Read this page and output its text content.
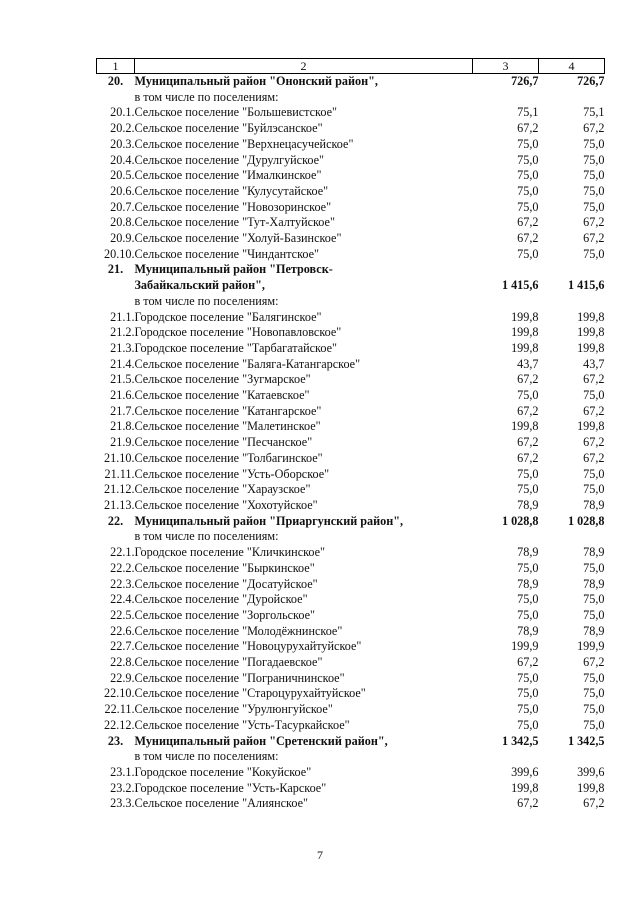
1	2	3	4
20.	Муниципальный район "Ононский район",	726,7	726,7
	в том числе по поселениям:		
20.1.	Сельское поселение "Большевистское"	75,1	75,1
20.2.	Сельское поселение "Буйлэсанское"	67,2	67,2
20.3.	Сельское поселение "Верхнецасучейское"	75,0	75,0
20.4.	Сельское поселение "Дурулгуйское"	75,0	75,0
20.5.	Сельское поселение "Ималкинское"	75,0	75,0
20.6.	Сельское поселение "Кулусутайское"	75,0	75,0
20.7.	Сельское поселение "Новозоринское"	75,0	75,0
20.8.	Сельское поселение "Тут-Халтуйское"	67,2	67,2
20.9.	Сельское поселение "Холуй-Базинское"	67,2	67,2
20.10.	Сельское поселение "Чиндантское"	75,0	75,0
21.	Муниципальный район "Петровск-		
	Забайкальский район",	1 415,6	1 415,6
	в том числе по поселениям:		
21.1.	Городское поселение "Балягинское"	199,8	199,8
21.2.	Городское поселение "Новопавловское"	199,8	199,8
21.3.	Городское поселение "Тарбагатайское"	199,8	199,8
21.4.	Сельское поселение "Баляга-Катангарское"	43,7	43,7
21.5.	Сельское поселение "Зугмарское"	67,2	67,2
21.6.	Сельское поселение "Катаевское"	75,0	75,0
21.7.	Сельское поселение "Катангарское"	67,2	67,2
21.8.	Сельское поселение "Малетинское"	199,8	199,8
21.9.	Сельское поселение "Песчанское"	67,2	67,2
21.10.	Сельское поселение "Толбагинское"	67,2	67,2
21.11.	Сельское поселение "Усть-Оборское"	75,0	75,0
21.12.	Сельское поселение "Хараузское"	75,0	75,0
21.13.	Сельское поселение "Хохотуйское"	78,9	78,9
22.	Муниципальный район "Приаргунский район",	1 028,8	1 028,8
	в том числе по поселениям:		
22.1.	Городское поселение "Кличкинское"	78,9	78,9
22.2.	Сельское поселение "Быркинское"	75,0	75,0
22.3.	Сельское поселение "Досатуйское"	78,9	78,9
22.4.	Сельское поселение "Дуройское"	75,0	75,0
22.5.	Сельское поселение "Зоргольское"	75,0	75,0
22.6.	Сельское поселение "Молодёжнинское"	78,9	78,9
22.7.	Сельское поселение "Новоцурухайтуйское"	199,9	199,9
22.8.	Сельское поселение "Погадаевское"	67,2	67,2
22.9.	Сельское поселение "Пограничнинское"	75,0	75,0
22.10.	Сельское поселение "Староцурухайтуйское"	75,0	75,0
22.11.	Сельское поселение "Урулюнгуйское"	75,0	75,0
22.12.	Сельское поселение "Усть-Тасуркайское"	75,0	75,0
23.	Муниципальный район "Сретенский район",	1 342,5	1 342,5
	в том числе по поселениям:		
23.1.	Городское поселение "Кокуйское"	399,6	399,6
23.2.	Городское поселение "Усть-Карское"	199,8	199,8
23.3.	Сельское поселение "Алиянское"	67,2	67,2
7
